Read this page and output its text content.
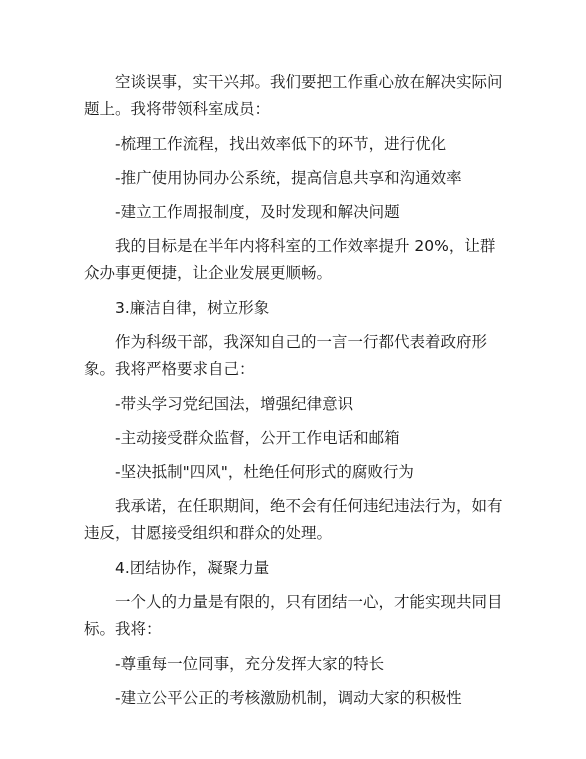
空谈误事，实干兴邦。我们要把工作重心放在解决实际问题上。我将带领科室成员：

-梳理工作流程，找出效率低下的环节，进行优化

-推广使用协同办公系统，提高信息共享和沟通效率

-建立工作周报制度，及时发现和解决问题

我的目标是在半年内将科室的工作效率提升 20%，让群众办事更便捷，让企业发展更顺畅。

3.廉洁自律，树立形象

作为科级干部，我深知自己的一言一行都代表着政府形象。我将严格要求自己：

-带头学习党纪国法，增强纪律意识

-主动接受群众监督，公开工作电话和邮箱

-坚决抵制"四风"，杜绝任何形式的腐败行为

我承诺，在任职期间，绝不会有任何违纪违法行为，如有违反，甘愿接受组织和群众的处理。

4.团结协作，凝聚力量

一个人的力量是有限的，只有团结一心，才能实现共同目标。我将：

-尊重每一位同事，充分发挥大家的特长

-建立公平公正的考核激励机制，调动大家的积极性
